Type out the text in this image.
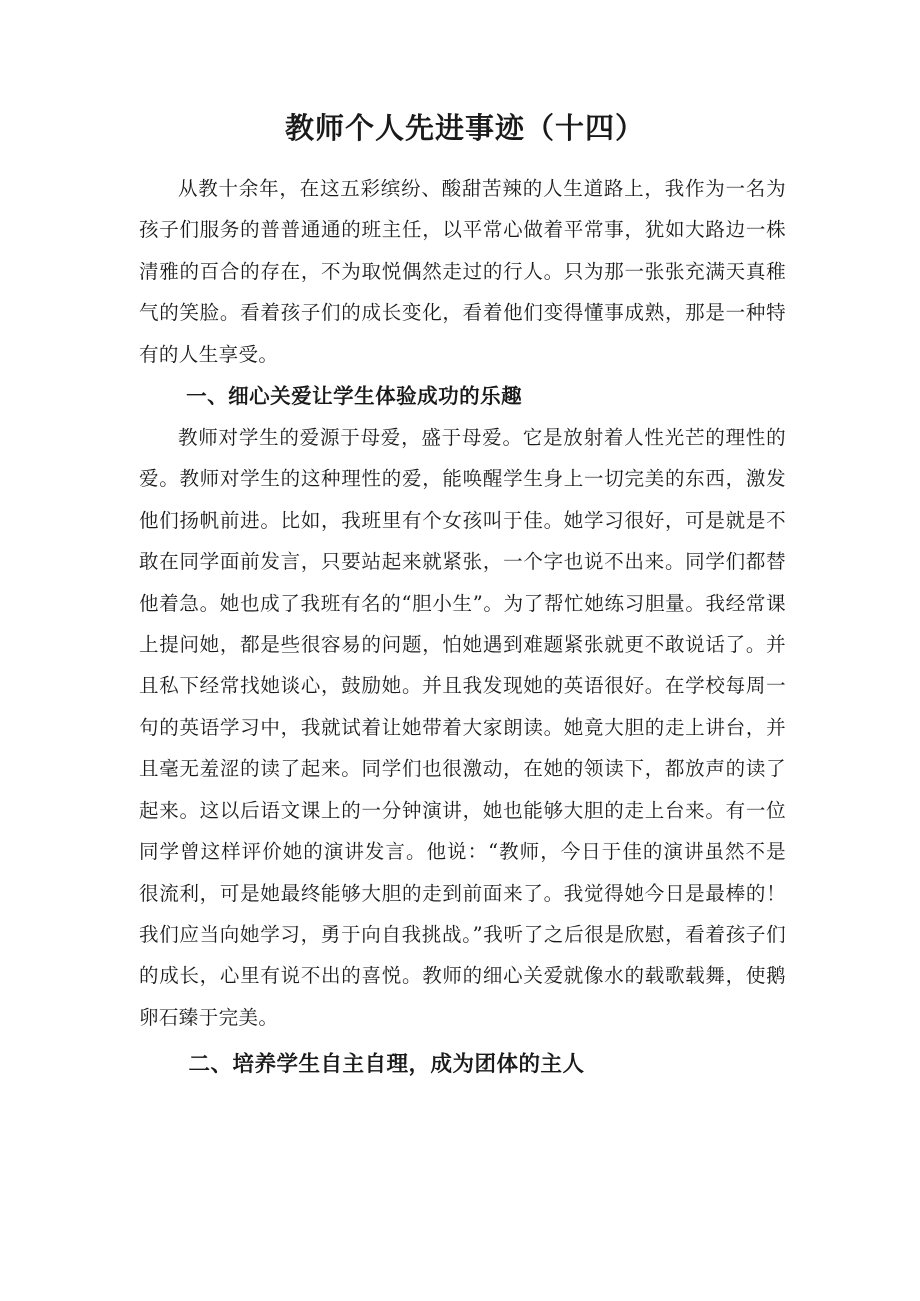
教师个人先进事迹（十四）

从教十余年，在这五彩缤纷、酸甜苦辣的人生道路上，我作为一名为孩子们服务的普普通通的班主任，以平常心做着平常事，犹如大路边一株清雅的百合的存在，不为取悦偶然走过的行人。只为那一张张充满天真稚气的笑脸。看着孩子们的成长变化，看着他们变得懂事成熟，那是一种特有的人生享受。

一、细心关爱让学生体验成功的乐趣

教师对学生的爱源于母爱，盛于母爱。它是放射着人性光芒的理性的爱。教师对学生的这种理性的爱，能唤醒学生身上一切完美的东西，激发他们扬帆前进。比如，我班里有个女孩叫于佳。她学习很好，可是就是不敢在同学面前发言，只要站起来就紧张，一个字也说不出来。同学们都替他着急。她也成了我班有名的“胆小生”。为了帮忙她练习胆量。我经常课上提问她，都是些很容易的问题，怕她遇到难题紧张就更不敢说话了。并且私下经常找她谈心，鼓励她。并且我发现她的英语很好。在学校每周一句的英语学习中，我就试着让她带着大家朗读。她竟大胆的走上讲台，并且毫无羞涩的读了起来。同学们也很激动，在她的领读下，都放声的读了起来。这以后语文课上的一分钟演讲，她也能够大胆的走上台来。有一位同学曾这样评价她的演讲发言。他说：“教师，今日于佳的演讲虽然不是很流利，可是她最终能够大胆的走到前面来了。我觉得她今日是最棒的！我们应当向她学习，勇于向自我挑战。”我听了之后很是欣慰，看着孩子们的成长，心里有说不出的喜悦。教师的细心关爱就像水的载歌载舞，使鹅卵石臻于完美。

二、培养学生自主自理，成为团体的主人
